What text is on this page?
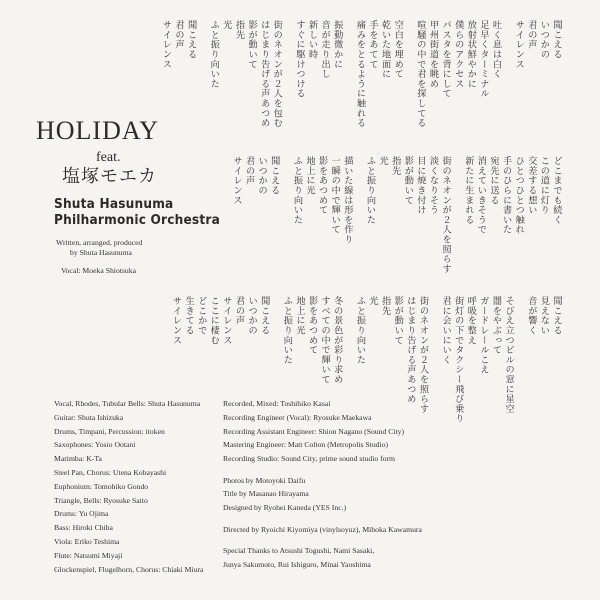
HOLIDAY
feat.
塩塚モエカ
Shuta Hasunuma
Philharmonic Orchestra
Written, arranged, produced
by Shuta Hasunuma
Vocal: Moeka Shiotsuka
聞こえる
いつかの
君の声
サイレンス
吐く息は白く
足早くターミナル
放射状鮮やかに
僕らのアクセス
パスタを背にして
甲州街道を眺め
喧騒の中で君を探してる
空白を埋めて
乾いた地面に
手をあてて
痛みをとるように触れる
振動微かに
音が走り出し
新しい時
すぐに駆けつける
街のネオンが２人を包む
はじまり告げる声あつめ
影が動いて
指先
光
ふと振り向いた
聞こえる
君の声
サイレンス
どこまでも続く
この道に灯り
交差する想い
ひとつひとつ触れ
手のひらに書いた
宛先に送る
消えていきそうで
新たに生まれる
街のネオンが２人を照らす
淡くなりそう
目に焼き付け
影が動いて
指先
光
ふと振り向いた
描いた線は形を作り
一瞬の中で輝いて
影をあつめて
地上に光
ふと振り向いた
聞こえる
いつかの
君の声
サイレンス
聞こえる
見えない
音が響く
そびえ立つビルの窓に星空
闇をやぶって
ガードレールこえ
呼吸を整え
街灯の下でタクシー飛び乗り
君に会いにいく
街のネオンが２人を照らす
はじまり告げる声あつめ
影が動いて
指先
光
ふと振り向いた
冬の景色が彩り求め
すべての中で輝いて
影をあつめて
地上に光
ふと振り向いた
聞こえる
いつかの
君の声
サイレンス
ここに棲む
どこかで
生きてる
サイレンス
Vocal, Rhodes, Tubular Bells: Shuta Hasunuma
Guitar: Shuta Ishizuka
Drums, Timpani, Percussion: itoken
Saxophones: Yosio Ootani
Marimba: K-Ta
Steel Pan, Chorus: Utena Kobayashi
Euphonium: Tomohiko Gondo
Triangle, Bells: Ryosuke Saito
Drums: Yu Ojima
Bass: Hiroki Chiba
Viola: Eriko Teshima
Flute: Natsumi Miyaji
Glockenspiel, Flugelhorn, Chorus: Chiaki Miura
Recorded, Mixed: Toshihiko Kasai
Recording Engineer (Vocal): Ryosuke Maekawa
Recording Assistant Engineer: Shion Nagano (Sound City)
Mastering Engineer: Matt Colton (Metropolis Studio)
Recording Studio: Sound City, prime sound studio form
Photos by Motoyoki Daifu
Title by Masanao Hirayama
Designed by Ryohei Kaneda (YES Inc.)
Directed by Ryoichi Kiyomiya (vinylsoyuz), Mihoka Kawamura
Special Thanks to Atsushi Togushi, Nami Sasaki,
Junya Sakumoto, Rui Ishiguro, Minai Yaoshima
